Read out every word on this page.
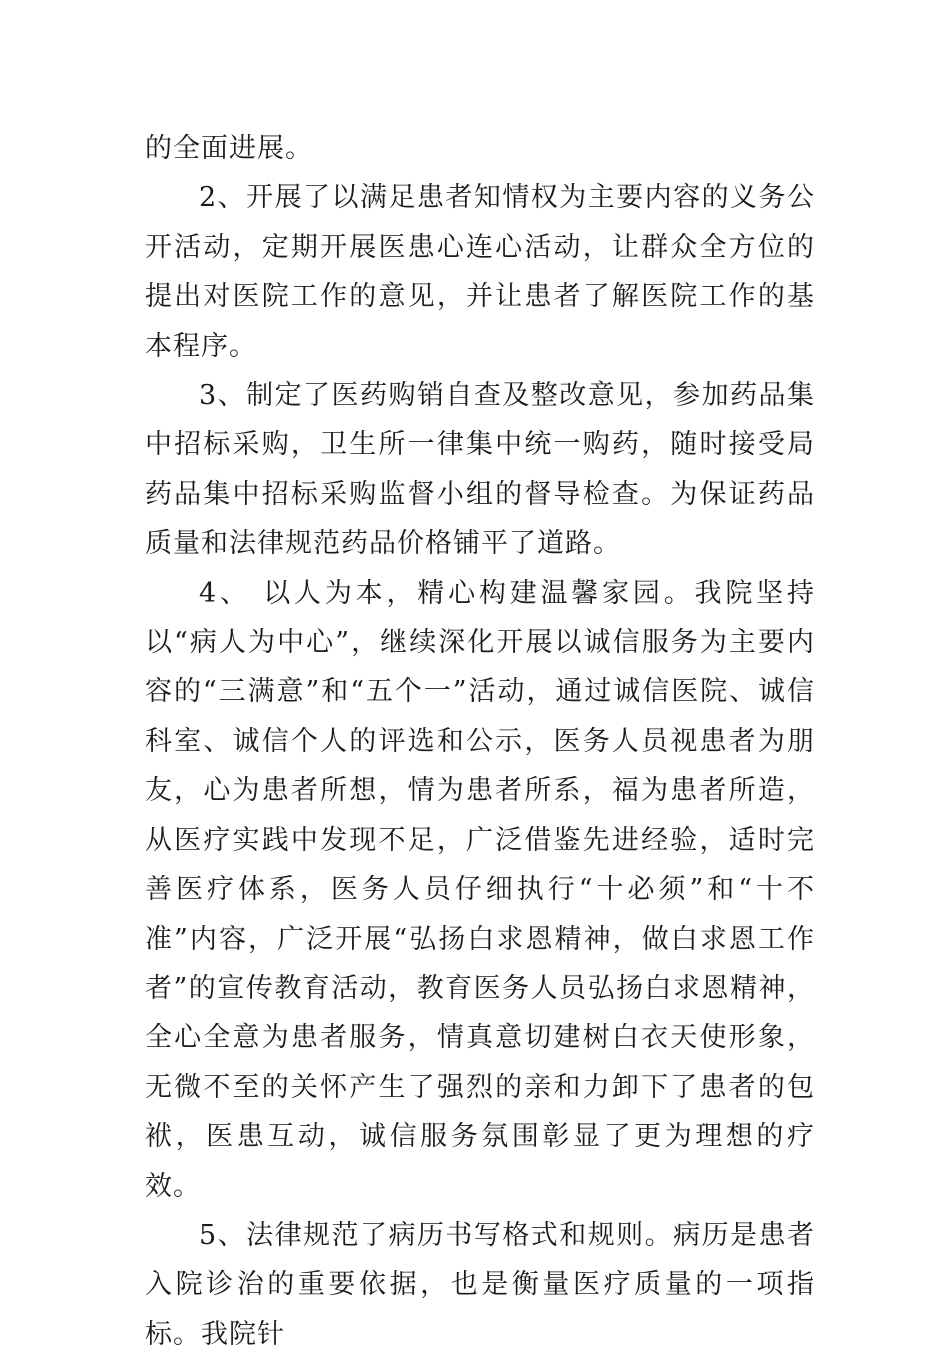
的全面进展。

2、开展了以满足患者知情权为主要内容的义务公开活动，定期开展医患心连心活动，让群众全方位的提出对医院工作的意见，并让患者了解医院工作的基本程序。

3、制定了医药购销自查及整改意见，参加药品集中招标采购，卫生所一律集中统一购药，随时接受局药品集中招标采购监督小组的督导检查。为保证药品质量和法律规范药品价格铺平了道路。

4、 以人为本，精心构建温馨家园。我院坚持以“病人为中心”，继续深化开展以诚信服务为主要内容的“三满意”和“五个一”活动，通过诚信医院、诚信科室、诚信个人的评选和公示，医务人员视患者为朋友，心为患者所想，情为患者所系，福为患者所造，从医疗实践中发现不足，广泛借鉴先进经验，适时完善医疗体系，医务人员仔细执行“十必须”和“十不准”内容，广泛开展“弘扬白求恩精神，做白求恩工作者”的宣传教育活动，教育医务人员弘扬白求恩精神，全心全意为患者服务，情真意切建树白衣天使形象，无微不至的关怀产生了强烈的亲和力卸下了患者的包袱，医患互动，诚信服务氛围彰显了更为理想的疗效。

5、法律规范了病历书写格式和规则。病历是患者入院诊治的重要依据，也是衡量医疗质量的一项指标。我院针
